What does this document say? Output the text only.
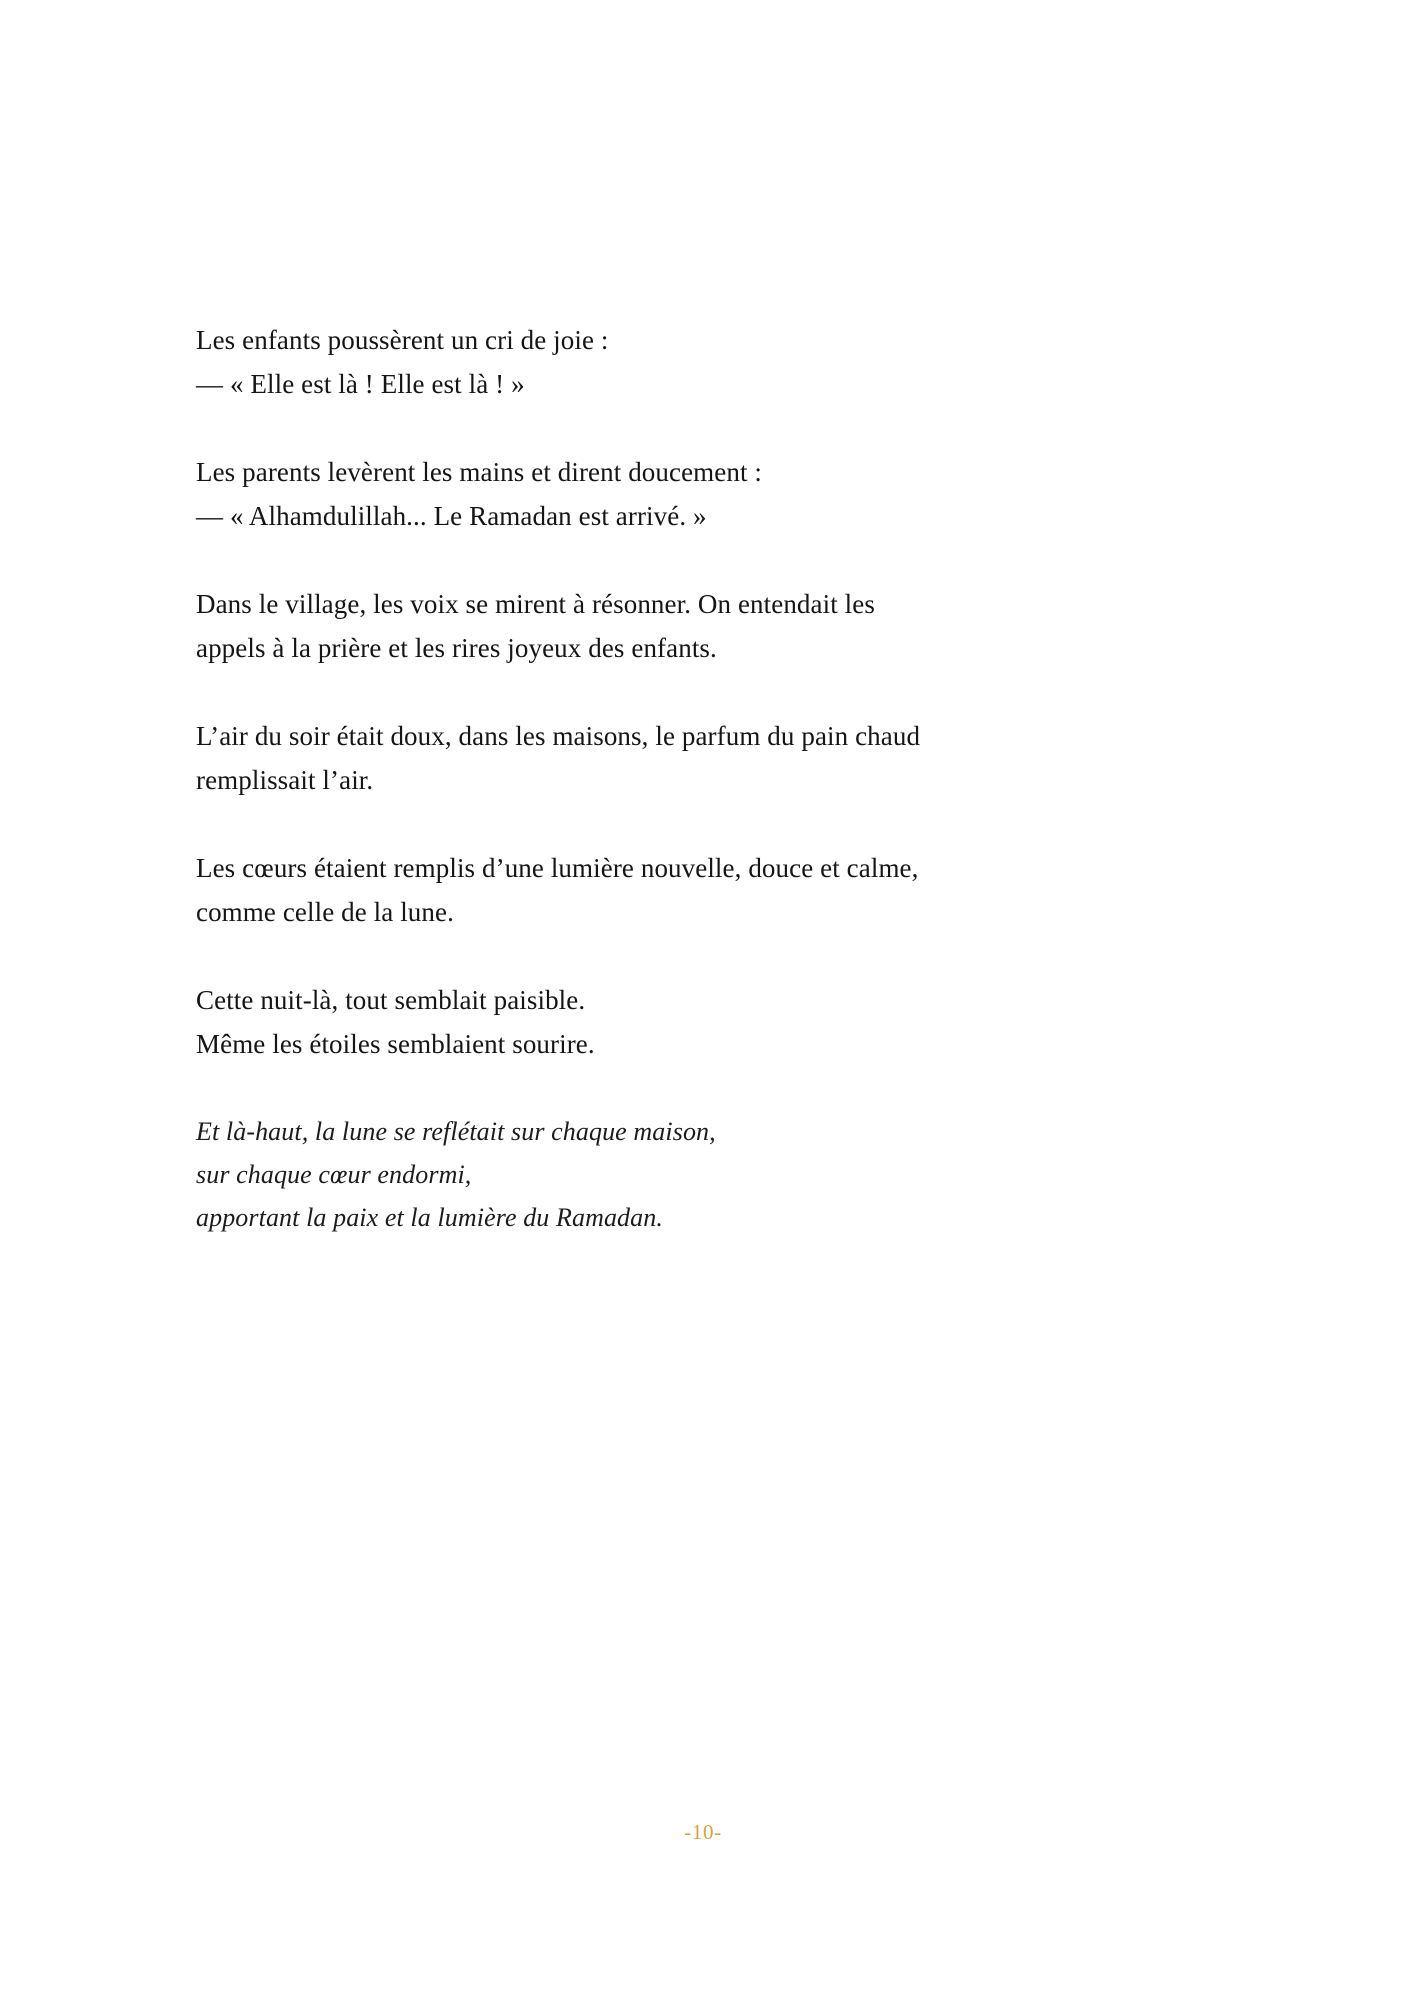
Les enfants poussèrent un cri de joie :
— « Elle est là ! Elle est là ! »

Les parents levèrent les mains et dirent doucement :
— « Alhamdulillah... Le Ramadan est arrivé. »

Dans le village, les voix se mirent à résonner. On entendait les
appels à la prière et les rires joyeux des enfants.

L’air du soir était doux, dans les maisons, le parfum du pain chaud
remplissait l’air.

Les cœurs étaient remplis d’une lumière nouvelle, douce et calme,
comme celle de la lune.

Cette nuit-là, tout semblait paisible.
Même les étoiles semblaient sourire.

Et là-haut, la lune se reflétait sur chaque maison,
sur chaque cœur endormi,
apportant la paix et la lumière du Ramadan.

-10-
